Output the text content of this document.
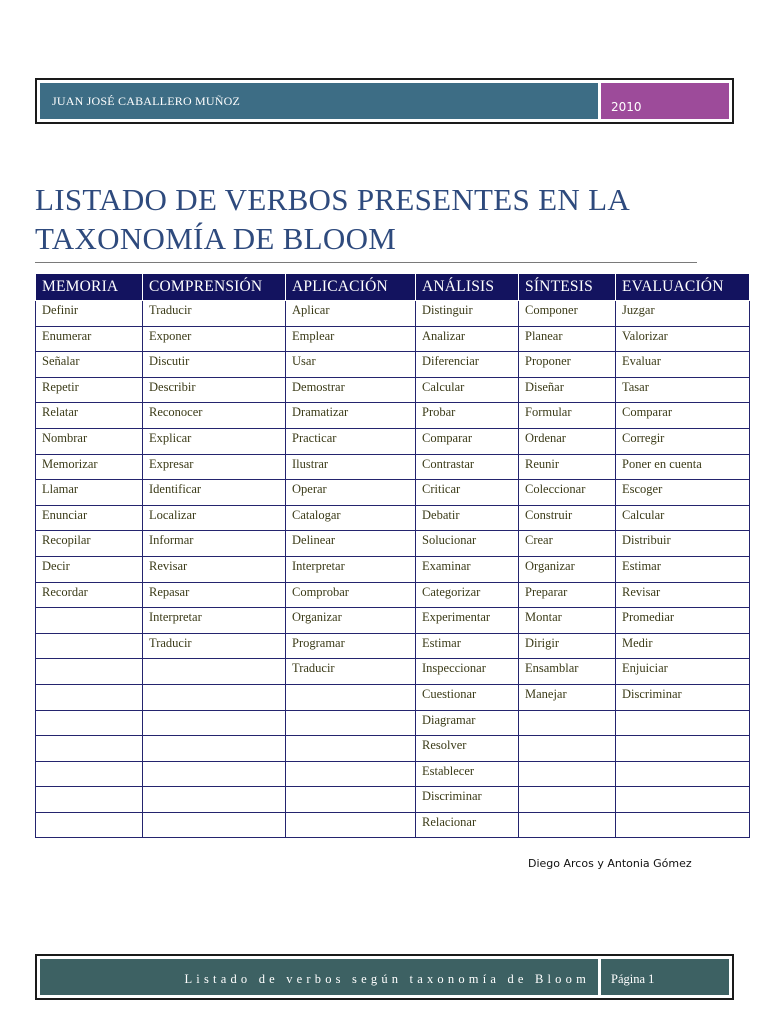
JUAN JOSÉ CABALLERO MUÑOZ	2010
LISTADO DE VERBOS PRESENTES EN LA
TAXONOMÍA DE BLOOM
MEMORIA	COMPRENSIÓN	APLICACIÓN	ANÁLISIS	SÍNTESIS	EVALUACIÓN
Definir	Traducir	Aplicar	Distinguir	Componer	Juzgar
Enumerar	Exponer	Emplear	Analizar	Planear	Valorizar
Señalar	Discutir	Usar	Diferenciar	Proponer	Evaluar
Repetir	Describir	Demostrar	Calcular	Diseñar	Tasar
Relatar	Reconocer	Dramatizar	Probar	Formular	Comparar
Nombrar	Explicar	Practicar	Comparar	Ordenar	Corregir
Memorizar	Expresar	Ilustrar	Contrastar	Reunir	Poner en cuenta
Llamar	Identificar	Operar	Criticar	Coleccionar	Escoger
Enunciar	Localizar	Catalogar	Debatir	Construir	Calcular
Recopilar	Informar	Delinear	Solucionar	Crear	Distribuir
Decir	Revisar	Interpretar	Examinar	Organizar	Estimar
Recordar	Repasar	Comprobar	Categorizar	Preparar	Revisar
	Interpretar	Organizar	Experimentar	Montar	Promediar
	Traducir	Programar	Estimar	Dirigir	Medir
		Traducir	Inspeccionar	Ensamblar	Enjuiciar
			Cuestionar	Manejar	Discriminar
			Diagramar		
			Resolver		
			Establecer		
			Discriminar		
			Relacionar		
Diego Arcos y Antonia Gómez
Listado de verbos según taxonomía de Bloom	Página 1
